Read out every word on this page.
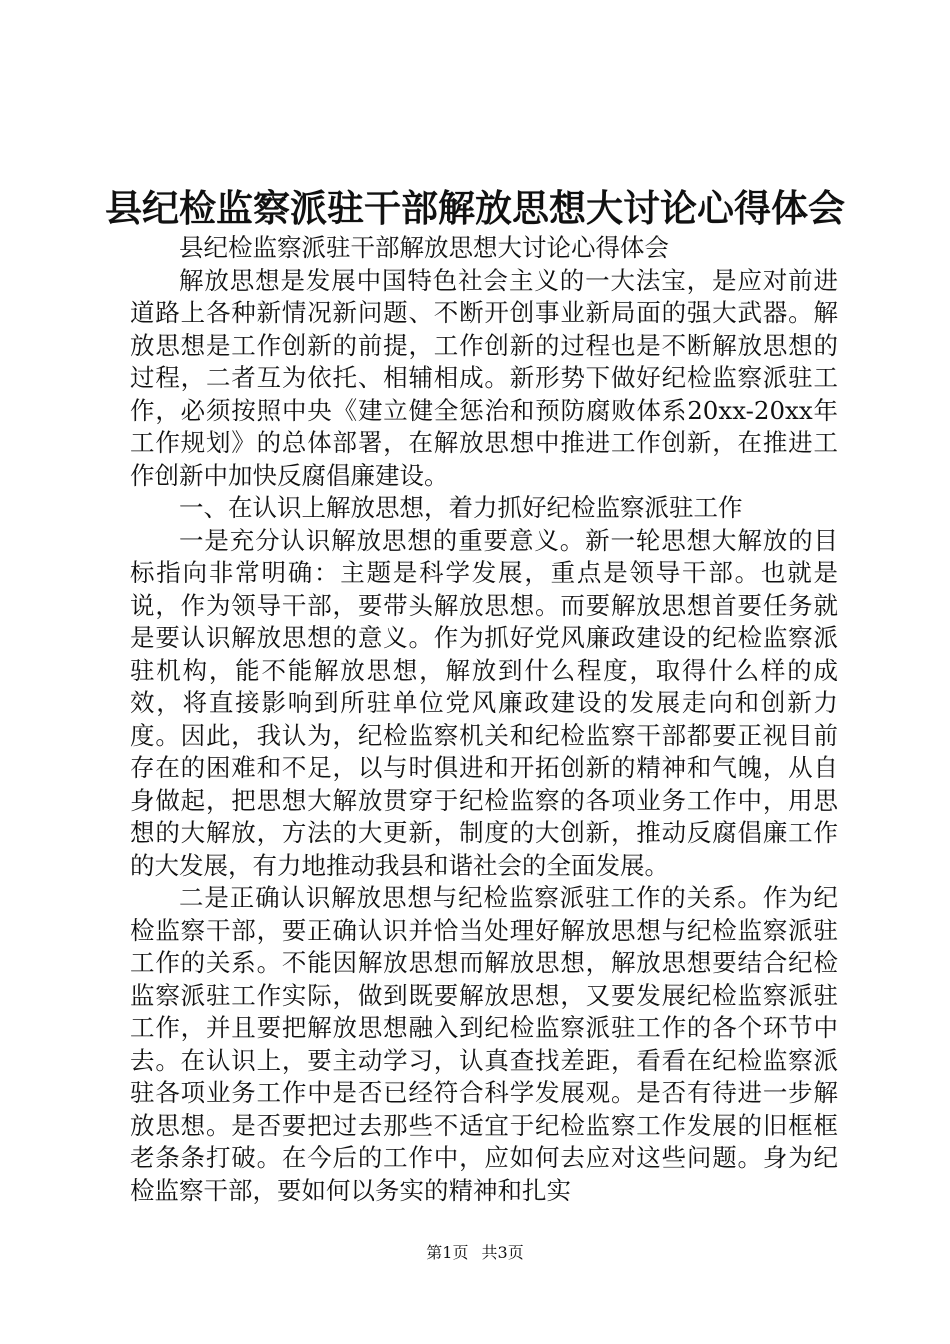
县纪检监察派驻干部解放思想大讨论心得体会

县纪检监察派驻干部解放思想大讨论心得体会

解放思想是发展中国特色社会主义的一大法宝，是应对前进道路上各种新情况新问题、不断开创事业新局面的强大武器。解放思想是工作创新的前提，工作创新的过程也是不断解放思想的过程，二者互为依托、相辅相成。新形势下做好纪检监察派驻工作，必须按照中央《建立健全惩治和预防腐败体系20xx-20xx年工作规划》的总体部署，在解放思想中推进工作创新，在推进工作创新中加快反腐倡廉建设。

一、在认识上解放思想，着力抓好纪检监察派驻工作

一是充分认识解放思想的重要意义。新一轮思想大解放的目标指向非常明确：主题是科学发展，重点是领导干部。也就是说，作为领导干部，要带头解放思想。而要解放思想首要任务就是要认识解放思想的意义。作为抓好党风廉政建设的纪检监察派驻机构，能不能解放思想，解放到什么程度，取得什么样的成效，将直接影响到所驻单位党风廉政建设的发展走向和创新力度。因此，我认为，纪检监察机关和纪检监察干部都要正视目前存在的困难和不足，以与时俱进和开拓创新的精神和气魄，从自身做起，把思想大解放贯穿于纪检监察的各项业务工作中，用思想的大解放，方法的大更新，制度的大创新，推动反腐倡廉工作的大发展，有力地推动我县和谐社会的全面发展。

二是正确认识解放思想与纪检监察派驻工作的关系。作为纪检监察干部，要正确认识并恰当处理好解放思想与纪检监察派驻工作的关系。不能因解放思想而解放思想，解放思想要结合纪检监察派驻工作实际，做到既要解放思想，又要发展纪检监察派驻工作，并且要把解放思想融入到纪检监察派驻工作的各个环节中去。在认识上，要主动学习，认真查找差距，看看在纪检监察派驻各项业务工作中是否已经符合科学发展观。是否有待进一步解放思想。是否要把过去那些不适宜于纪检监察工作发展的旧框框老条条打破。在今后的工作中，应如何去应对这些问题。身为纪检监察干部，要如何以务实的精神和扎实

第1页 共3页
